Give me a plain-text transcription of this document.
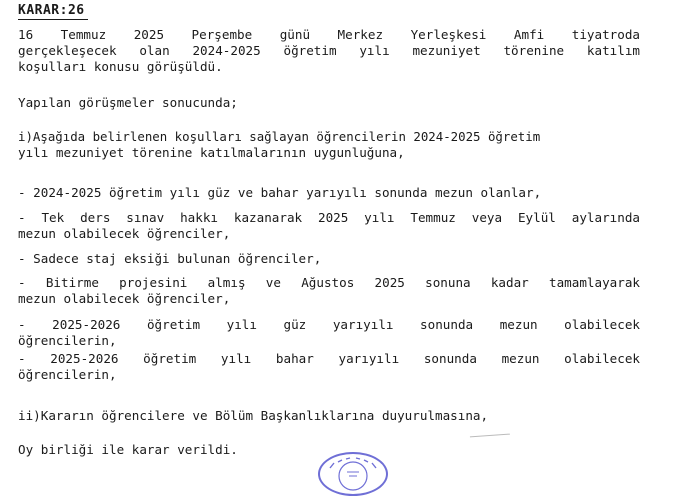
KARAR:26
16 Temmuz 2025 Perşembe günü Merkez Yerleşkesi Amfi tiyatroda
gerçekleşecek olan 2024-2025 öğretim yılı mezuniyet törenine katılım
koşulları konusu görüşüldü.
Yapılan görüşmeler sonucunda;
i)Aşağıda belirlenen koşulları sağlayan öğrencilerin 2024-2025 öğretim
yılı mezuniyet törenine katılmalarının uygunluğuna,
- 2024-2025 öğretim yılı güz ve bahar yarıyılı sonunda mezun olanlar,
- Tek ders sınav hakkı kazanarak 2025 yılı Temmuz veya Eylül aylarında
mezun olabilecek öğrenciler,
- Sadece staj eksiği bulunan öğrenciler,
- Bitirme projesini almış ve Ağustos 2025 sonuna kadar tamamlayarak
mezun olabilecek öğrenciler,
- 2025-2026 öğretim yılı güz yarıyılı sonunda mezun olabilecek
öğrencilerin,
- 2025-2026 öğretim yılı bahar yarıyılı sonunda mezun olabilecek
öğrencilerin,
ii)Kararın öğrencilere ve Bölüm Başkanlıklarına duyurulmasına,
Oy birliği ile karar verildi.
